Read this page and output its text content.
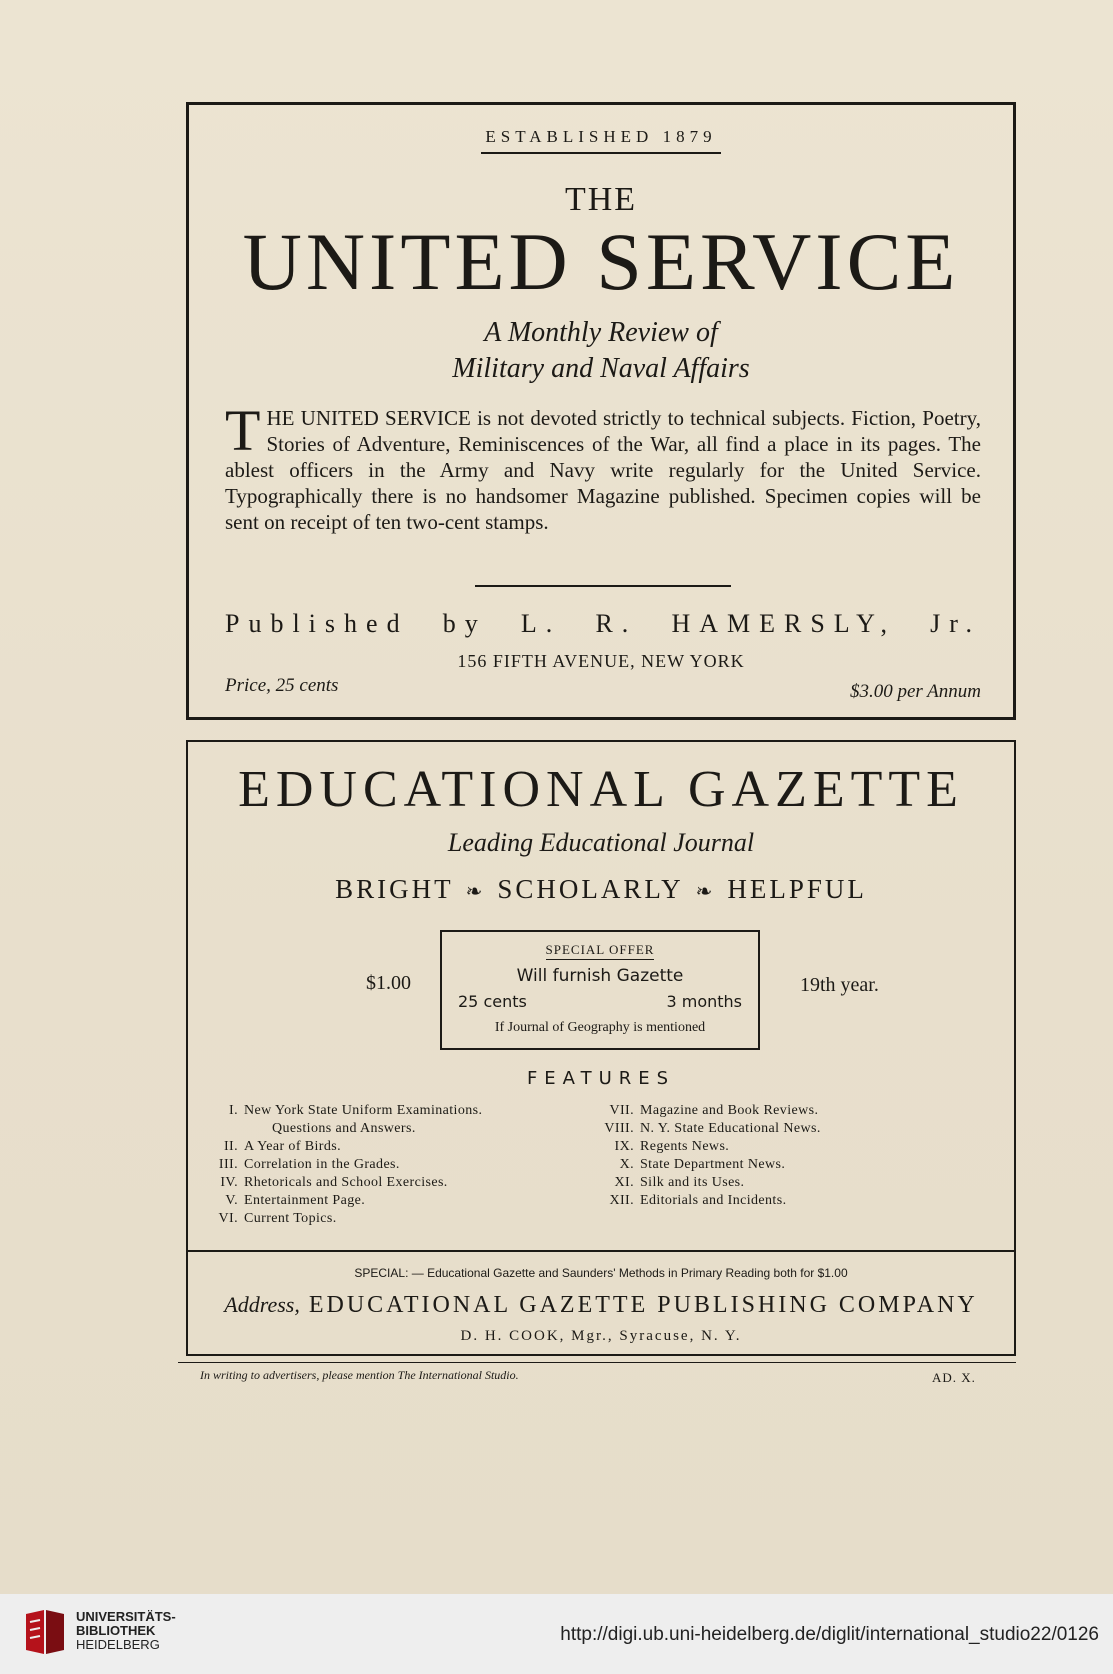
ESTABLISHED 1879
THE
UNITED SERVICE
A Monthly Review of
Military and Naval Affairs
THE UNITED SERVICE is not devoted strictly to technical subjects. Fiction, Poetry, Stories of Adventure, Reminiscences of the War, all find a place in its pages. The ablest officers in the Army and Navy write regularly for the United Service. Typographically there is no handsomer Magazine published. Specimen copies will be sent on receipt of ten two-cent stamps.
Published by L. R. HAMERSLY, Jr.
156 FIFTH AVENUE, NEW YORK
Price, 25 cents	$3.00 per Annum
EDUCATIONAL GAZETTE
Leading Educational Journal
BRIGHT ❧ SCHOLARLY ❧ HELPFUL
$1.00
SPECIAL OFFER
Will furnish Gazette
25 cents	3 months
If Journal of Geography is mentioned
19th year.
FEATURES
I. New York State Uniform Examinations.
Questions and Answers.
II. A Year of Birds.
III. Correlation in the Grades.
IV. Rhetoricals and School Exercises.
V. Entertainment Page.
VI. Current Topics.
VII. Magazine and Book Reviews.
VIII. N. Y. State Educational News.
IX. Regents News.
X. State Department News.
XI. Silk and its Uses.
XII. Editorials and Incidents.
SPECIAL: — Educational Gazette and Saunders' Methods in Primary Reading both for $1.00
Address, EDUCATIONAL GAZETTE PUBLISHING COMPANY
D. H. COOK, Mgr., Syracuse, N. Y.
In writing to advertisers, please mention The International Studio.	AD. X.
UNIVERSITÄTS-
BIBLIOTHEK
HEIDELBERG	http://digi.ub.uni-heidelberg.de/diglit/international_studio22/0126
